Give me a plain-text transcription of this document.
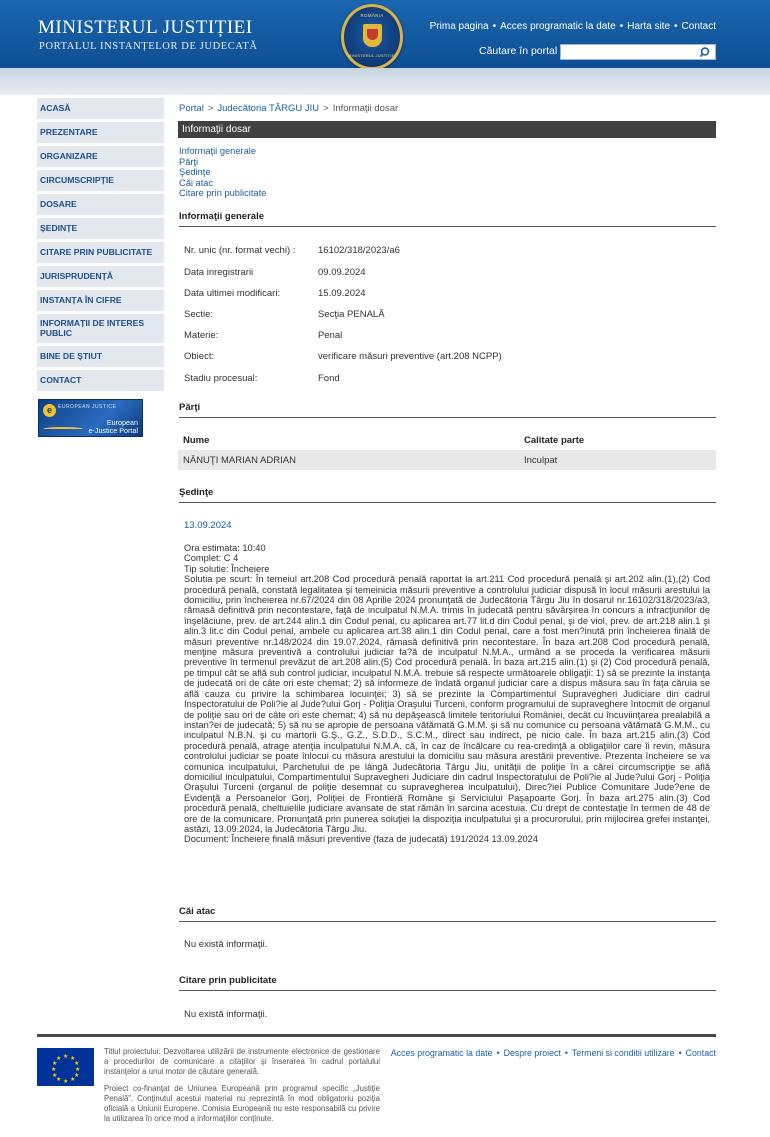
MINISTERUL JUSTIȚIEI
PORTALUL INSTANȚELOR DE JUDECATĂ
ROMÂNIA
MINISTERUL JUSTIȚIEI
Prima pagina • Acces programatic la date • Harta site • Contact
Căutare în portal
ACASĂ
PREZENTARE
ORGANIZARE
CIRCUMSCRIPȚIE
DOSARE
ȘEDINȚE
CITARE PRIN PUBLICITATE
JURISPRUDENȚĂ
INSTANȚA ÎN CIFRE
INFORMAȚII DE INTERES PUBLIC
BINE DE ȘTIUT
CONTACT
e	EUROPEAN JUSTICE
European
e-Justice Portal
Portal > Judecătoria TÂRGU JIU > Informaţii dosar
Informaţii dosar
Informaţii generale
Părţi
Şedinţe
Căi atac
Citare prin publicitate
Informaţii generale
Nr. unic (nr. format vechi) : 16102/318/2023/a6
Data inregistrarii	09.09.2024
Data ultimei modificari:	15.09.2024
Sectie:	Secţia PENALĂ
Materie:	Penal
Obiect:	verificare măsuri preventive (art.208 NCPP)
Stadiu procesual:	Fond
Părţi
Nume	Calitate parte
NĂNUŢI MARIAN ADRIAN	Inculpat
Şedinţe
13.09.2024
Ora estimata: 10:40
Complet: C 4
Tip solutie: Încheiere
Solutia pe scurt: În temeiul art.208 Cod procedură penală raportat la art.211 Cod procedură penală şi art.202 alin.(1),(2) Cod procedură penală, constată legalitatea şi temeinicia măsurii preventive a controlului judiciar dispusă în locul măsurii arestului la domiciliu, prin încheierea nr.67/2024 din 08 Aprilie 2024 pronunţată de Judecătoria Târgu Jiu în dosarul nr.16102/318/2023/a3, rămasă definitivă prin necontestare, faţă de inculpatul N.M.A. trimis în judecată pentru săvârşirea în concurs a infracţiunilor de înşelăciune, prev. de art.244 alin.1 din Codul penal, cu aplicarea art.77 lit.d din Codul penal, şi de viol, prev. de art.218 alin.1 şi alin.3 lit.c din Codul penal, ambele cu aplicarea art.38 alin.1 din Codul penal, care a fost men?inută prin încheierea finală de măsuri preventive nr.148/2024 din 19.07.2024, rămasă definitivă prin necontestare. În baza art.208 Cod procedură penală, menţine măsura preventivă a controlului judiciar fa?ă de inculpatul N.M.A., urmând a se proceda la verificarea măsurii preventive în termenul prevăzut de art.208 alin.(5) Cod procedură penală. În baza art.215 alin.(1) şi (2) Cod procedură penală, pe timpul cât se află sub control judiciar, inculpatul N.M.A. trebuie să respecte următoarele obligaţii: 1) să se prezinte la instanţa de judecată ori de câte ori este chemat; 2) să informeze de îndată organul judiciar care a dispus măsura sau în faţa căruia se află cauza cu privire la schimbarea locuinţei; 3) să se prezinte la Compartimentul Supravegheri Judiciare din cadrul Inspectoratului de Poli?ie al Jude?ului Gorj - Poliţia Oraşului Turceni, conform programului de supraveghere întocmit de organul de poliţie sau ori de câte ori este chemat; 4) să nu depăşească limitele teritoriului României, decât cu încuviinţarea prealabilă a instan?ei de judecată; 5) să nu se apropie de persoana vătămată G.M.M. şi să nu comunice cu persoana vătămată G.M.M., cu inculpatul N.B.N. şi cu martorii G.Ş., G.Z., S.D.D., S.C.M., direct sau indirect, pe nicio cale. În baza art.215 alin.(3) Cod procedură penală, atrage atenţia inculpatului N.M.A. că, în caz de încălcare cu rea-credinţă a obligaţiilor care îi revin, măsura controlului judiciar se poate înlocui cu măsura arestului la domiciliu sau măsura arestării preventive. Prezenta încheiere se va comunica inculpatului, Parchetului de pe lângă Judecătoria Târgu Jiu, unităţii de poliţie în a cărei circumscripţie se află domiciliul inculpatului, Compartimentului Supravegheri Judiciare din cadrul Inspectoratului de Poli?ie al Jude?ului Gorj - Poliţia Oraşului Turceni (organul de poliţie desemnat cu supravegherea inculpatului), Direc?iei Publice Comunitare Jude?ene de Evidenţă a Persoanelor Gorj, Poliţiei de Frontieră Române şi Serviciului Paşapoarte Gorj. În baza art.275 alin.(3) Cod procedură penală, cheltuielile judiciare avansate de stat rămân în sarcina acestuia. Cu drept de contestaţie în termen de 48 de ore de la comunicare. Pronunţată prin punerea soluţiei la dispoziţia inculpatului şi a procurorului, prin mijlocirea grefei instanţei, astăzi, 13.09.2024, la Judecătoria Târgu Jiu.
Document: Încheiere finală măsuri preventive (faza de judecată) 191/2024 13.09.2024
Căi atac
Nu există informaţii.
Citare prin publicitate
Nu există informaţii.
★ ★
★
★
★
★
★
★
★
★
★
★

Titlul proiectului: Dezvoltarea utilizării de instrumente electronice de gestionare a procedurilor de comunicare a citaţiilor şi înserarea în cadrul portalului instanţelor a unui motor de căutare generală.

Proiect co-finanţat de Uniunea Europeană prin programul specific „Justiţie Penală". Conţinutul acestui material nu reprezintă în mod obligatoriu poziţia oficială a Uniunii Europene. Comisia Europeană nu este responsabilă cu privire la utilizarea în orice mod a informaţiilor conţinute.

Acces programatic la date • Despre proiect • Termeni si conditii utilizare • Contact
